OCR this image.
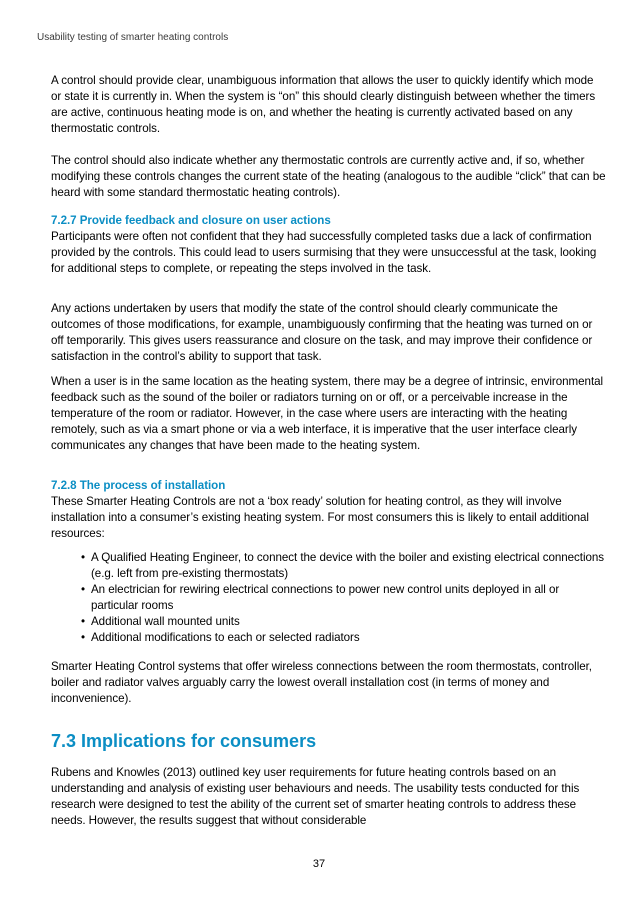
Usability testing of smarter heating controls

A control should provide clear, unambiguous information that allows the user to quickly identify which mode or state it is currently in. When the system is “on” this should clearly distinguish between whether the timers are active, continuous heating mode is on, and whether the heating is currently activated based on any thermostatic controls.

The control should also indicate whether any thermostatic controls are currently active and, if so, whether modifying these controls changes the current state of the heating (analogous to the audible “click” that can be heard with some standard thermostatic heating controls).

7.2.7 Provide feedback and closure on user actions

Participants were often not confident that they had successfully completed tasks due a lack of confirmation provided by the controls. This could lead to users surmising that they were unsuccessful at the task, looking for additional steps to complete, or repeating the steps involved in the task.

Any actions undertaken by users that modify the state of the control should clearly communicate the outcomes of those modifications, for example, unambiguously confirming that the heating was turned on or off temporarily. This gives users reassurance and closure on the task, and may improve their confidence or satisfaction in the control’s ability to support that task.

When a user is in the same location as the heating system, there may be a degree of intrinsic, environmental feedback such as the sound of the boiler or radiators turning on or off, or a perceivable increase in the temperature of the room or radiator. However, in the case where users are interacting with the heating remotely, such as via a smart phone or via a web interface, it is imperative that the user interface clearly communicates any changes that have been made to the heating system.

7.2.8 The process of installation

These Smarter Heating Controls are not a ‘box ready’ solution for heating control, as they will involve installation into a consumer’s existing heating system. For most consumers this is likely to entail additional resources:

• A Qualified Heating Engineer, to connect the device with the boiler and existing electrical connections (e.g. left from pre-existing thermostats)
• An electrician for rewiring electrical connections to power new control units deployed in all or particular rooms
• Additional wall mounted units
• Additional modifications to each or selected radiators

Smarter Heating Control systems that offer wireless connections between the room thermostats, controller, boiler and radiator valves arguably carry the lowest overall installation cost (in terms of money and inconvenience).

7.3 Implications for consumers

Rubens and Knowles (2013) outlined key user requirements for future heating controls based on an understanding and analysis of existing user behaviours and needs. The usability tests conducted for this research were designed to test the ability of the current set of smarter heating controls to address these needs. However, the results suggest that without considerable

37
